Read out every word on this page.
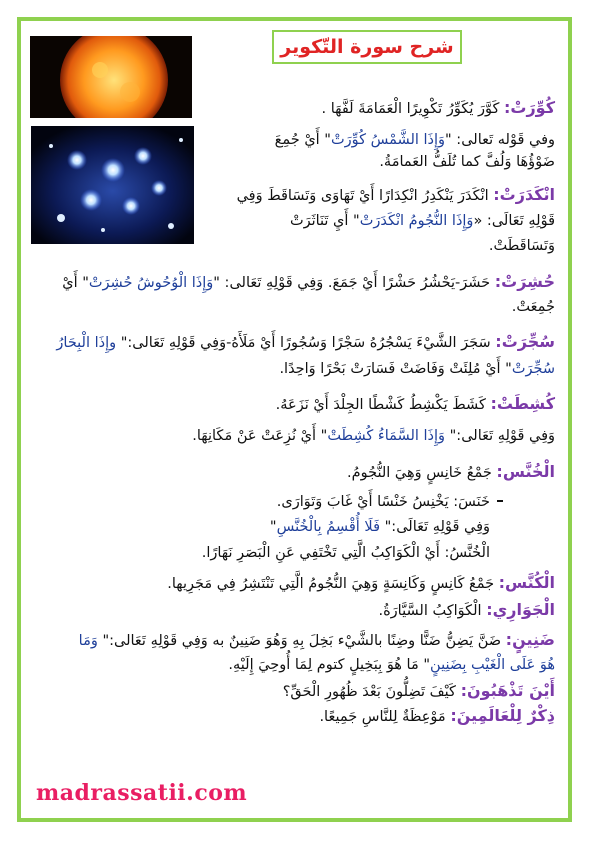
شرح سورة التّكوير
كُوِّرَتْ: كَوَّرَ يُكَوِّرُ تَكْوِيرًا الْعَمَامَةَ لَفَّهَا .
وفي قَوْله تَعالى: "وَإِذَا الشَّمْسُ كُوِّرَتْ" أَيْ جُمِعَ
ضَوْؤُهَا وَلُفَّ كما تُلَفُّ العَمامَةُ.
انْكَدَرَتْ: انْكَدَرَ يَنْكَدِرُ انْكِدَارًا أَيْ تَهَاوَى وَتَسَاقَطَ وَفِي
قَوْلِهِ تَعَالَى: «وَإِذَا النُّجُومُ انْكَدَرَتْ" أَيِ تَنَاثَرَتْ
وَتَسَاقَطَتْ.
حُشِرَتْ: حَشَرَ-يَحْشُرُ حَشْرًا أَيْ جَمَعَ. وَفِي قَوْلِهِ تَعَالى: "وَإِذَا الْوُحُوشُ حُشِرَتْ" أَيْ
جُمِعَتْ.
سُجِّرَتْ: سَجَرَ الشَّيْءَ يَسْجُرُهُ سَجْرًا وَسُجُورًا أَيْ مَلَأَهُ-وَفِي قَوْلِهِ تَعَالى:" وإِذَا الْبِحَارُ
سُجِّرَتْ" أَيْ مُلِئَتْ وَفَاضَتْ فَسَارَتْ بَحْرًا وَاحِدًا.
كُشِطَتْ: كَشَطَ يَكْشِطُ كَشْطًا الجِلْدَ أَيْ نَزَعَهُ.
وَفِي قَوْلِهِ تَعَالى:" وَإِذَا السَّمَاءُ كُشِطَتْ" أَيْ نُزِعَتْ عَنْ مَكَانِهَا.
الْخُنَّس: جَمْعُ خَانِسٍ وَهِيَ النُّجُومُ.
خَنَسَ: يَخْنِسُ خَنْسًا أَيْ غَابَ وَتَوَارَى.
وَفِي قَوْلِهِ تَعَالَى:" فَلَا أُقْسِمُ بِالْخُنَّسِ"
الْخُنَّسُ: أَيْ الْكَوَاكِبُ الَّتِي تَخْتَفِي عَنِ الْبَصَرِ نَهَارًا.
الْكُنَّس: جَمْعُ كَانِسٍ وَكَانِسَةٍ وَهِيَ النُّجُومُ الَّتِي تَنْتَشِرُ فِي مَجَرِيها.
الْجَوَارِي: الْكَوَاكِبُ السَّيَّارَةُ.
ضَنِينٍ: ضَنَّ يَضِنُّ ضَنًّا وضِنًا بالشَّيْء بَخِلَ بِهِ وَهُوَ ضَنِينٌ به وَفِي قَوْلِهِ تَعَالى:" وَمَا
هُوَ عَلَى الْغَيْبِ بِضَنِينٍ" مَا هُوَ بِبَخِيلٍ كتوم لِمَا أُوحِيَ إِلَيْهِ.
أَيْنَ تَذْهَبُونَ: كَيْفَ تَضِلُّونَ بَعْدَ ظُهُورِ الْحَقِّ؟
ذِكْرٌ لِلْعَالَمِينَ: مَوْعِظَةٌ لِلنَّاسِ جَمِيعًا.
madrassatii.com
